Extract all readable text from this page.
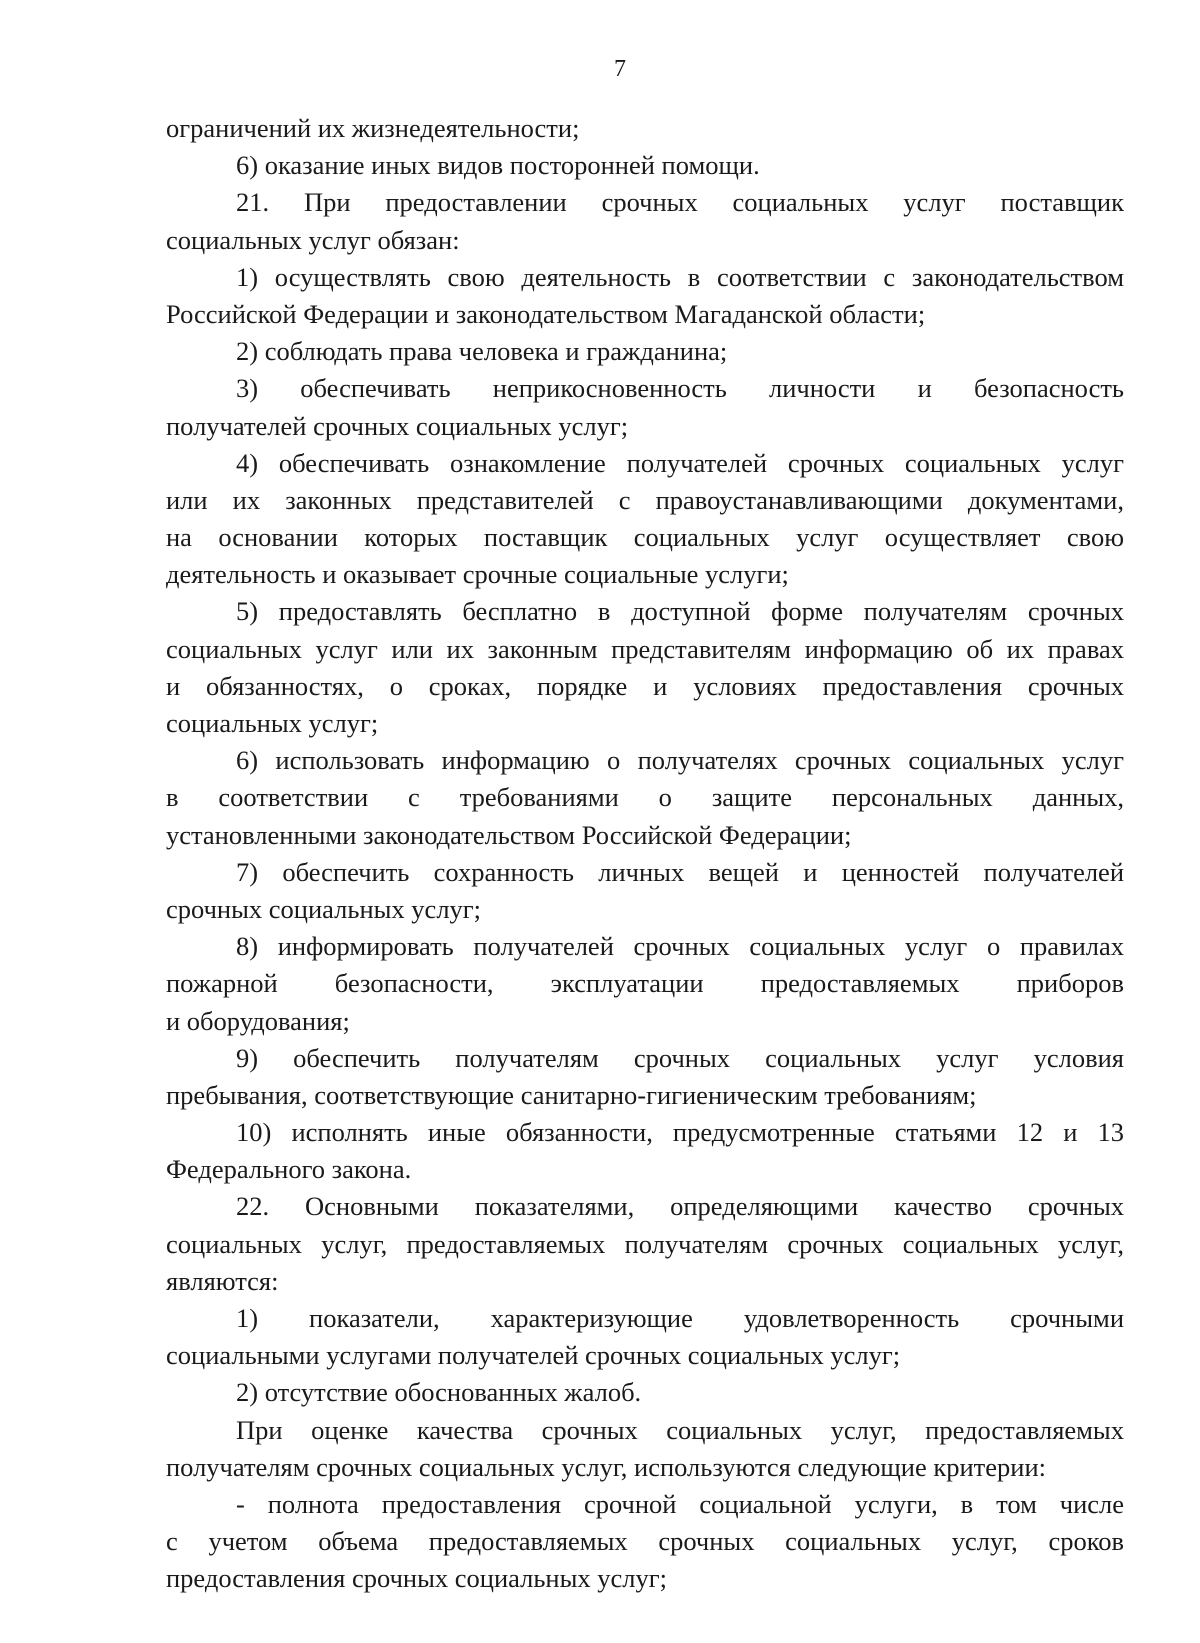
7
ограничений их жизнедеятельности;
6) оказание иных видов посторонней помощи.
21. При предоставлении срочных социальных услуг поставщик
социальных услуг обязан:
1) осуществлять свою деятельность в соответствии с законодательством
Российской Федерации и законодательством Магаданской области;
2) соблюдать права человека и гражданина;
3) обеспечивать неприкосновенность личности и безопасность
получателей срочных социальных услуг;
4) обеспечивать ознакомление получателей срочных социальных услуг
или их законных представителей с правоустанавливающими документами,
на основании которых поставщик социальных услуг осуществляет свою
деятельность и оказывает срочные социальные услуги;
5) предоставлять бесплатно в доступной форме получателям срочных
социальных услуг или их законным представителям информацию об их правах
и обязанностях, о сроках, порядке и условиях предоставления срочных
социальных услуг;
6) использовать информацию о получателях срочных социальных услуг
в соответствии с требованиями о защите персональных данных,
установленными законодательством Российской Федерации;
7) обеспечить сохранность личных вещей и ценностей получателей
срочных социальных услуг;
8) информировать получателей срочных социальных услуг о правилах
пожарной безопасности, эксплуатации предоставляемых приборов
и оборудования;
9) обеспечить получателям срочных социальных услуг условия
пребывания, соответствующие санитарно-гигиеническим требованиям;
10) исполнять иные обязанности, предусмотренные статьями 12 и 13
Федерального закона.
22. Основными показателями, определяющими качество срочных
социальных услуг, предоставляемых получателям срочных социальных услуг,
являются:
1) показатели, характеризующие удовлетворенность срочными
социальными услугами получателей срочных социальных услуг;
2) отсутствие обоснованных жалоб.
При оценке качества срочных социальных услуг, предоставляемых
получателям срочных социальных услуг, используются следующие критерии:
- полнота предоставления срочной социальной услуги, в том числе
с учетом объема предоставляемых срочных социальных услуг, сроков
предоставления срочных социальных услуг;
